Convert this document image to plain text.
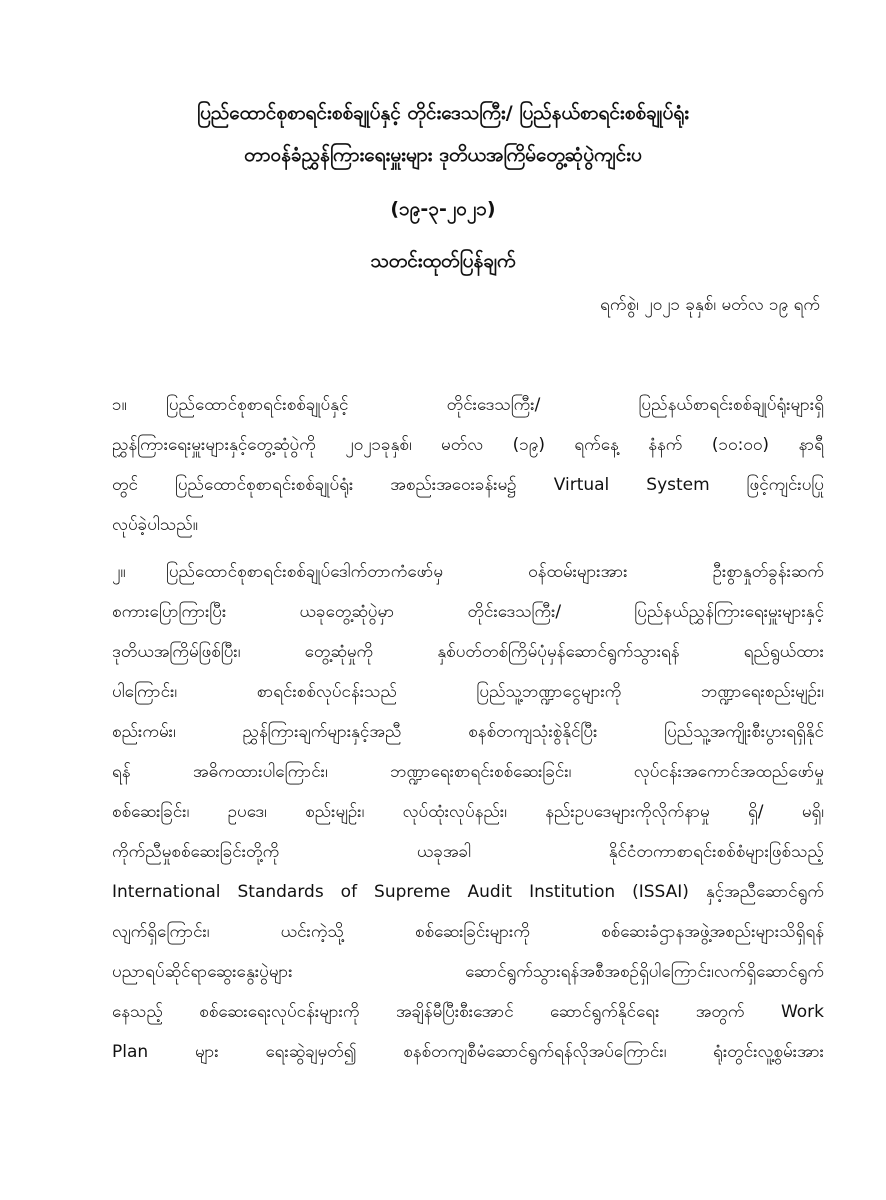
ပြည်ထောင်စုစာရင်းစစ်ချုပ်နှင့် တိုင်းဒေသကြီး/ ပြည်နယ်စာရင်းစစ်ချုပ်ရုံး
တာဝန်ခံညွှန်ကြားရေးမှူးများ ဒုတိယအကြိမ်တွေ့ဆုံပွဲကျင်းပ
(၁၉-၃-၂၀၂၁)
သတင်းထုတ်ပြန်ချက်
ရက်စွဲ၊ ၂၀၂၁ ခုနှစ်၊ မတ်လ ၁၉ ရက်
၁။ ပြည်ထောင်စုစာရင်းစစ်ချုပ်နှင့် တိုင်းဒေသကြီး/ ပြည်နယ်စာရင်းစစ်ချုပ်ရုံးများရှိ
ညွှန်ကြားရေးမှူးများနှင့်တွေ့ဆုံပွဲကို ၂၀၂၁ခုနှစ်၊ မတ်လ (၁၉) ရက်နေ့ နံနက် (၁၀:၀၀) နာရီ
တွင် ပြည်ထောင်စုစာရင်းစစ်ချုပ်ရုံး အစည်းအဝေးခန်းမ၌ Virtual System ဖြင့်ကျင်းပပြု
လုပ်ခဲ့ပါသည်။
၂။ ပြည်ထောင်စုစာရင်းစစ်ချုပ်ဒေါက်တာကံဖော်မှ ဝန်ထမ်းများအား ဦးစွာနှုတ်ခွန်းဆက်
စကားပြောကြားပြီး ယခုတွေ့ဆုံပွဲမှာ တိုင်းဒေသကြီး/ ပြည်နယ်ညွှန်ကြားရေးမှူးများနှင့်
ဒုတိယအကြိမ်ဖြစ်ပြီး၊ တွေ့ဆုံမှုကို နှစ်ပတ်တစ်ကြိမ်ပုံမှန်ဆောင်ရွက်သွားရန် ရည်ရွယ်ထား
ပါကြောင်း၊ စာရင်းစစ်လုပ်ငန်းသည် ပြည်သူ့ဘဏ္ဍာငွေများကို ဘဏ္ဍာရေးစည်းမျဉ်း၊
စည်းကမ်း၊ ညွှန်ကြားချက်များနှင့်အညီ စနစ်တကျသုံးစွဲနိုင်ပြီး ပြည်သူ့အကျိုးစီးပွားရရှိနိုင်
ရန် အဓိကထားပါကြောင်း၊ ဘဏ္ဍာရေးစာရင်းစစ်ဆေးခြင်း၊ လုပ်ငန်းအကောင်အထည်ဖော်မှု
စစ်ဆေးခြင်း၊ ဥပဒေ၊ စည်းမျဉ်း၊ လုပ်ထုံးလုပ်နည်း၊ နည်းဥပဒေများကိုလိုက်နာမှု ရှိ/ မရှိ၊
ကိုက်ညီမှုစစ်ဆေးခြင်းတို့ကို ယခုအခါ နိုင်ငံတကာစာရင်းစစ်စံများဖြစ်သည့်
International Standards of Supreme Audit Institution (ISSAI) နှင့်အညီဆောင်ရွက်
လျက်ရှိကြောင်း၊ ယင်းကဲ့သို့ စစ်ဆေးခြင်းများကို စစ်ဆေးခံဌာနအဖွဲ့အစည်းများသိရှိရန်
ပညာရပ်ဆိုင်ရာဆွေးနွေးပွဲများ ဆောင်ရွက်သွားရန်အစီအစဉ်ရှိပါကြောင်း၊လက်ရှိဆောင်ရွက်
နေသည့် စစ်ဆေးရေးလုပ်ငန်းများကို အချိန်မီပြီးစီးအောင် ဆောင်ရွက်နိုင်ရေး အတွက် Work
Plan များ ရေးဆွဲချမှတ်၍ စနစ်တကျစီမံဆောင်ရွက်ရန်လိုအပ်ကြောင်း၊ ရုံးတွင်းလူ့စွမ်းအား
